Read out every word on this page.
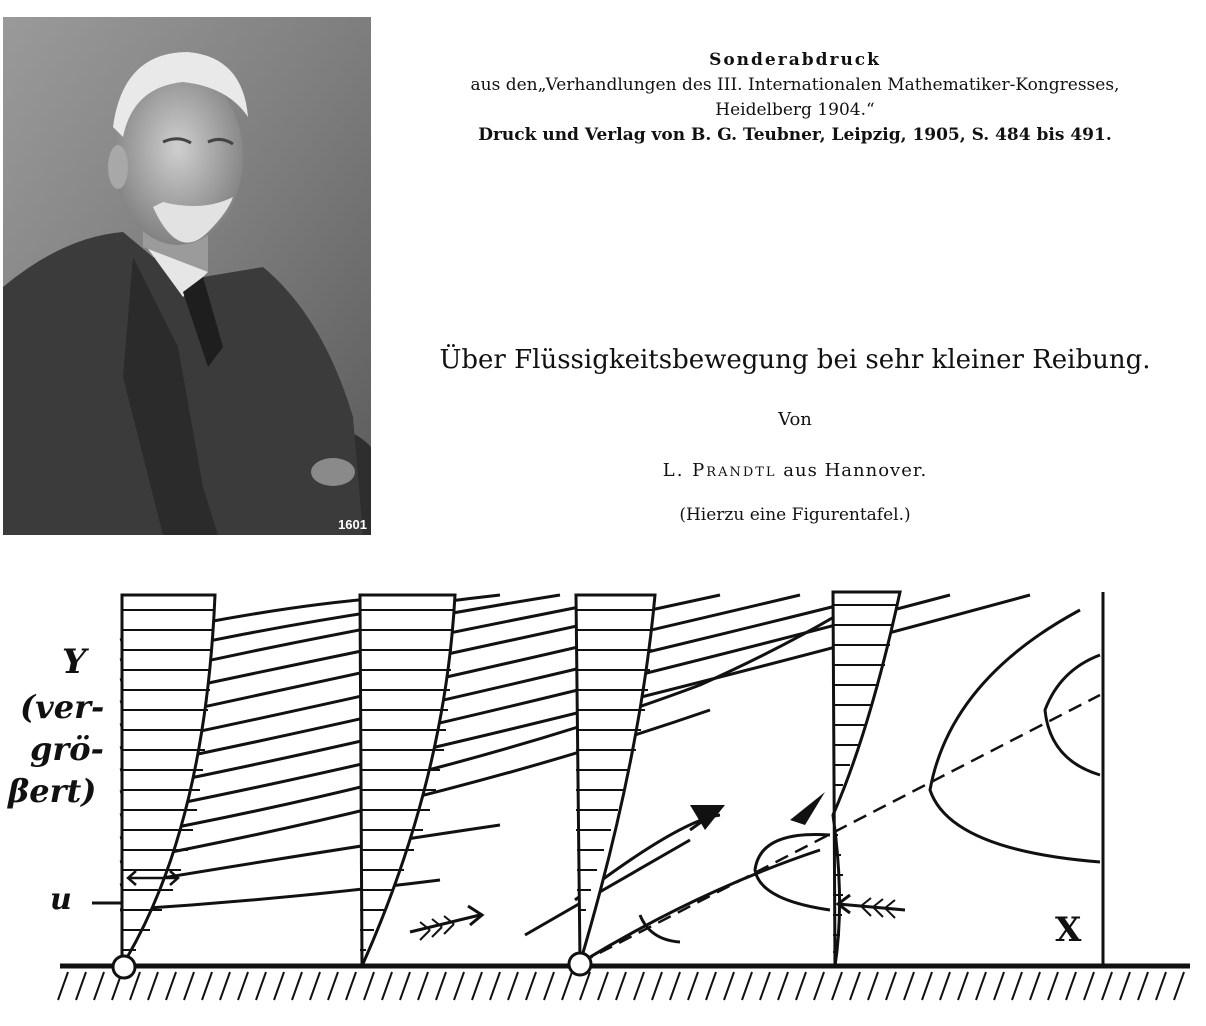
1601
Sonderabdruck
aus den„Verhandlungen des III. Internationalen Mathematiker-Kongresses,
Heidelberg 1904.“
Druck und Verlag von B. G. Teubner, Leipzig, 1905, S. 484 bis 491.
Über Flüssigkeitsbewegung bei sehr kleiner Reibung.
Von
L. Prandtl aus Hannover.
(Hierzu eine Figurentafel.)
Y
(ver-
grö-
βert)
u
X
